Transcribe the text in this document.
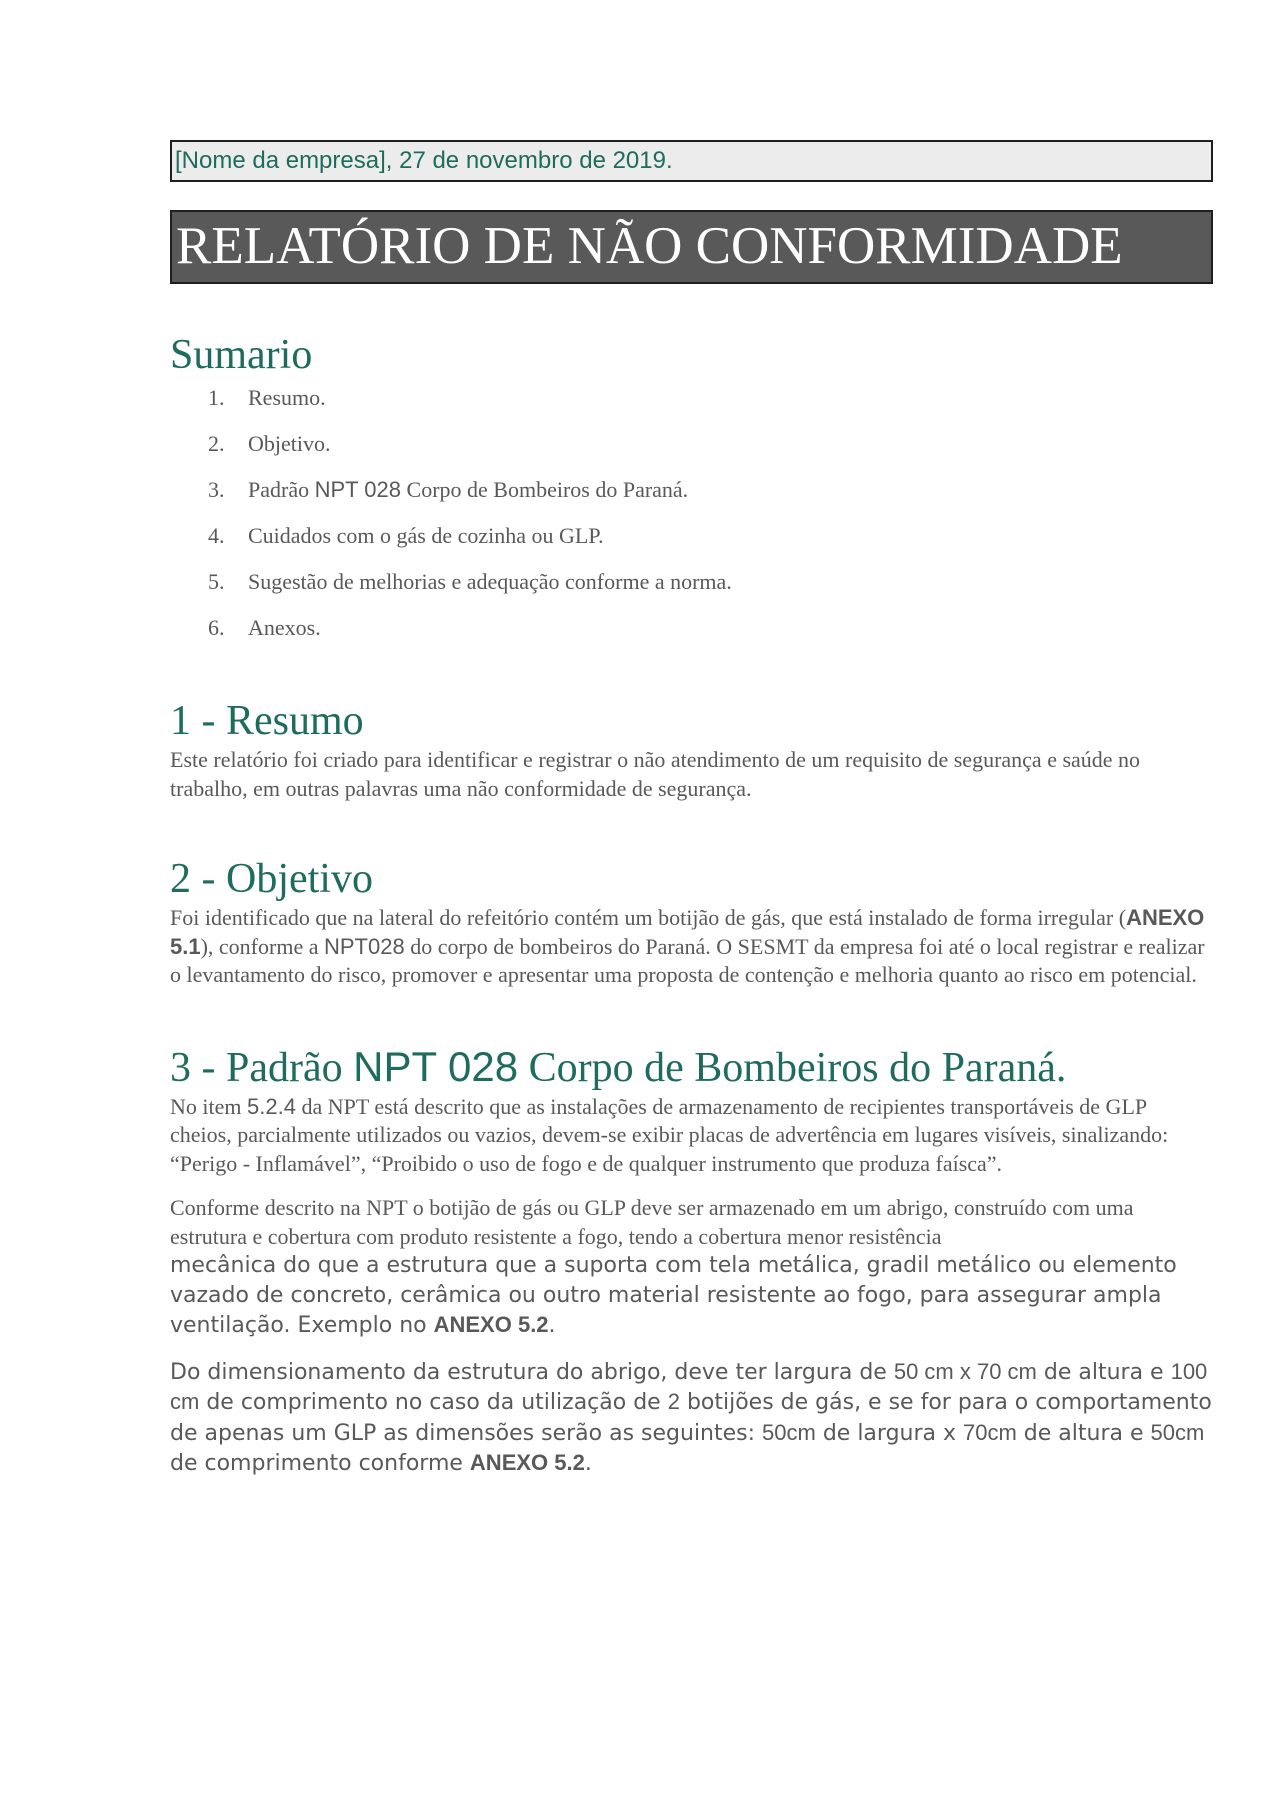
[Nome da empresa], 27 de novembro de 2019.
RELATÓRIO DE NÃO CONFORMIDADE
Sumario
1. Resumo.
2. Objetivo.
3. Padrão NPT 028 Corpo de Bombeiros do Paraná.
4. Cuidados com o gás de cozinha ou GLP.
5. Sugestão de melhorias e adequação conforme a norma.
6. Anexos.
1 - Resumo

Este relatório foi criado para identificar e registrar o não atendimento de um requisito de segurança e saúde no trabalho, em outras palavras uma não conformidade de segurança.

2 - Objetivo

Foi identificado que na lateral do refeitório contém um botijão de gás, que está instalado de forma irregular (ANEXO 5.1), conforme a NPT028 do corpo de bombeiros do Paraná. O SESMT da empresa foi até o local registrar e realizar o levantamento do risco, promover e apresentar uma proposta de contenção e melhoria quanto ao risco em potencial.

3 - Padrão NPT 028 Corpo de Bombeiros do Paraná.

No item 5.2.4 da NPT está descrito que as instalações de armazenamento de recipientes transportáveis de GLP cheios, parcialmente utilizados ou vazios, devem-se exibir placas de advertência em lugares visíveis, sinalizando: “Perigo - Inflamável”, “Proibido o uso de fogo e de qualquer instrumento que produza faísca”.

Conforme descrito na NPT o botijão de gás ou GLP deve ser armazenado em um abrigo, construído com uma estrutura e cobertura com produto resistente a fogo, tendo a cobertura menor resistência
mecânica do que a estrutura que a suporta com tela metálica, gradil metálico ou elemento vazado de concreto, cerâmica ou outro material resistente ao fogo, para assegurar ampla ventilação. Exemplo no ANEXO 5.2.

Do dimensionamento da estrutura do abrigo, deve ter largura de 50 cm x 70 cm de altura e 100 cm de comprimento no caso da utilização de 2 botijões de gás, e se for para o comportamento de apenas um GLP as dimensões serão as seguintes: 50cm de largura x 70cm de altura e 50cm de comprimento conforme ANEXO 5.2.
